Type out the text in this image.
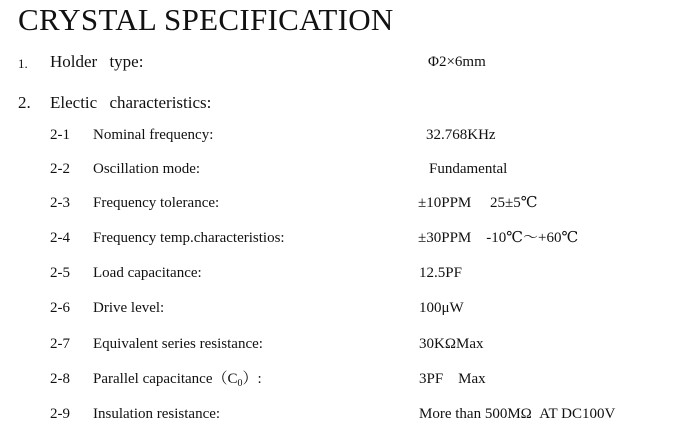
CRYSTAL SPECIFICATION
1. Holder type:	Φ2×6mm
2. Electic characteristics:
2-1 Nominal frequency:	32.768KHz
2-2 Oscillation mode:	Fundamental
2-3 Frequency tolerance:	±10PPM     25±5℃
2-4 Frequency temp.characteristios:	±30PPM    -10℃～+60℃
2-5 Load capacitance:	12.5PF
2-6 Drive level:	100μW
2-7 Equivalent series resistance:	30KΩMax
2-8 Parallel $capacitance(C_0)$:	3PF    Max
2-9 Insulation resistance:	More than 500MΩ  AT DC100V
